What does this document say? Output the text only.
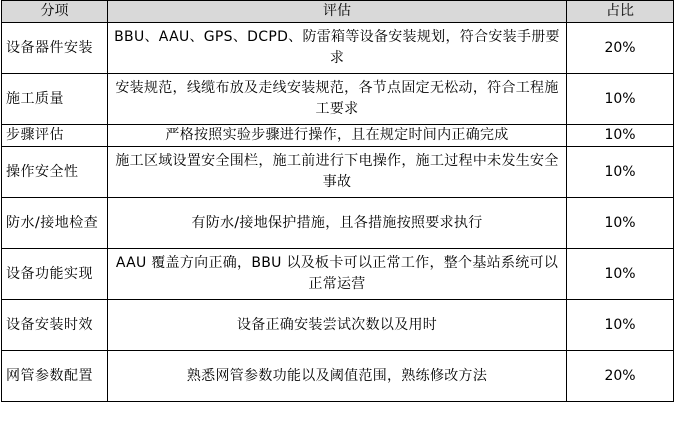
分项	评估	占比
设备器件安装	BBU、AAU、GPS、DCPD、防雷箱等设备安装规划，符合安装手册要求	20%
施工质量	安装规范，线缆布放及走线安装规范，各节点固定无松动，符合工程施工要求	10%
步骤评估	严格按照实验步骤进行操作，且在规定时间内正确完成	10%
操作安全性	施工区域设置安全围栏，施工前进行下电操作，施工过程中未发生安全事故	10%
防水/接地检查	有防水/接地保护措施，且各措施按照要求执行	10%
设备功能实现	AAU 覆盖方向正确，BBU 以及板卡可以正常工作，整个基站系统可以正常运营	10%
设备安装时效	设备正确安装尝试次数以及用时	10%
网管参数配置	熟悉网管参数功能以及阈值范围，熟练修改方法	20%
